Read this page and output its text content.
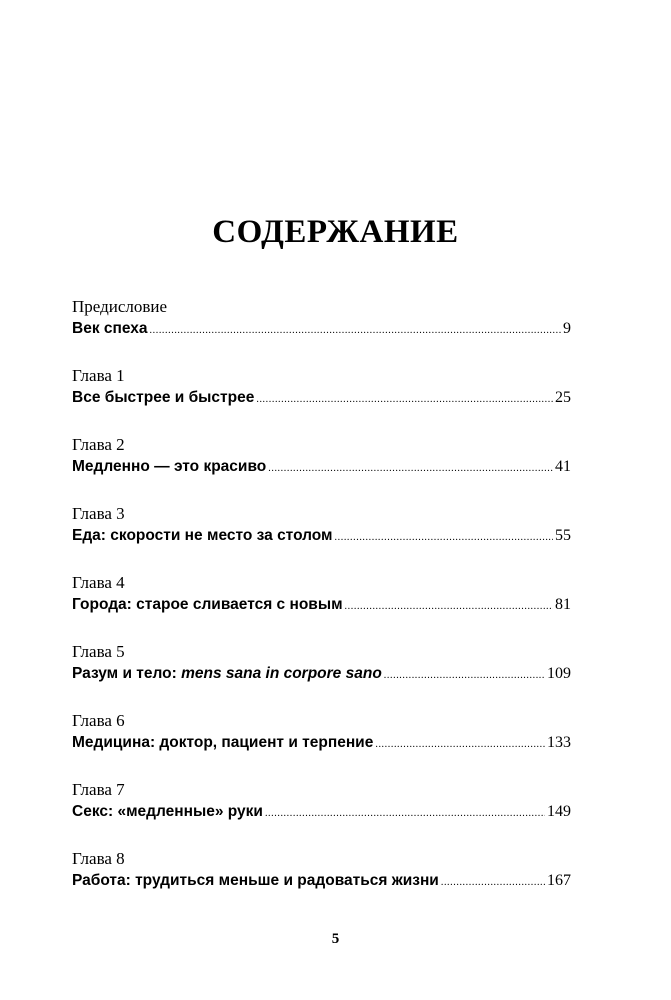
СОДЕРЖАНИЕ
Предисловие
Век спеха .....	9
Глава 1
Все быстрее и быстрее .....	25
Глава 2
Медленно — это красиво .....	41
Глава 3
Еда: скорости не место за столом .....	55
Глава 4
Города: старое сливается с новым .....	81
Глава 5
Разум и тело: mens sana in corpore sano .....	109
Глава 6
Медицина: доктор, пациент и терпение .....	133
Глава 7
Секс: «медленные» руки .....	149
Глава 8
Работа: трудиться меньше и радоваться жизни .....	167
5
